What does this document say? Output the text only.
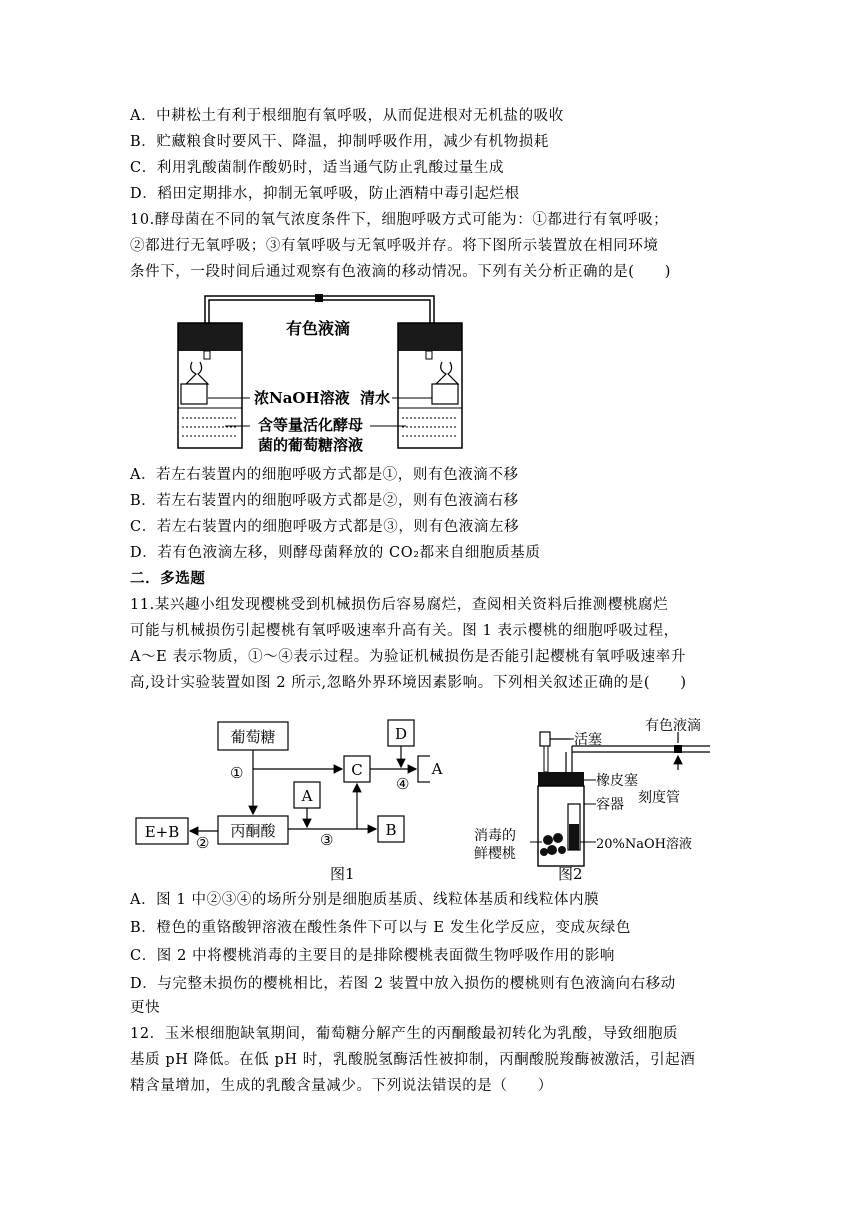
A．中耕松土有利于根细胞有氧呼吸，从而促进根对无机盐的吸收
B．贮藏粮食时要风干、降温，抑制呼吸作用，减少有机物损耗
C．利用乳酸菌制作酸奶时，适当通气防止乳酸过量生成
D．稻田定期排水，抑制无氧呼吸，防止酒精中毒引起烂根
10.酵母菌在不同的氧气浓度条件下，细胞呼吸方式可能为：①都进行有氧呼吸；
②都进行无氧呼吸；③有氧呼吸与无氧呼吸并存。将下图所示装置放在相同环境
条件下，一段时间后通过观察有色液滴的移动情况。下列有关分析正确的是(　　)
有色液滴
浓NaOH溶液 清水
含等量活化酵母
菌的葡萄糖溶液
A．若左右装置内的细胞呼吸方式都是①，则有色液滴不移
B．若左右装置内的细胞呼吸方式都是②，则有色液滴右移
C．若左右装置内的细胞呼吸方式都是③，则有色液滴左移
D．若有色液滴左移，则酵母菌释放的 CO₂都来自细胞质基质
二．多选题
11.某兴趣小组发现樱桃受到机械损伤后容易腐烂，查阅相关资料后推测樱桃腐烂
可能与机械损伤引起樱桃有氧呼吸速率升高有关。图 1 表示樱桃的细胞呼吸过程，
A～E 表示物质，①～④表示过程。为验证机械损伤是否能引起樱桃有氧呼吸速率升
高,设计实验装置如图 2 所示,忽略外界环境因素影响。下列相关叙述正确的是(　　)
葡萄糖
丙酮酸
C
D
A
E+B	B
①
②	③
④
图1
A
有色液滴
活塞
橡皮塞
容器 刻度管
20%NaOH溶液
消毒的
鲜樱桃
图2
A．图 1 中②③④的场所分别是细胞质基质、线粒体基质和线粒体内膜
B．橙色的重铬酸钾溶液在酸性条件下可以与 E 发生化学反应，变成灰绿色
C．图 2 中将樱桃消毒的主要目的是排除樱桃表面微生物呼吸作用的影响
D．与完整未损伤的樱桃相比，若图 2 装置中放入损伤的樱桃则有色液滴向右移动
更快
12．玉米根细胞缺氧期间，葡萄糖分解产生的丙酮酸最初转化为乳酸，导致细胞质
基质 pH 降低。在低 pH 时，乳酸脱氢酶活性被抑制，丙酮酸脱羧酶被激活，引起酒
精含量增加，生成的乳酸含量减少。下列说法错误的是（　　）
